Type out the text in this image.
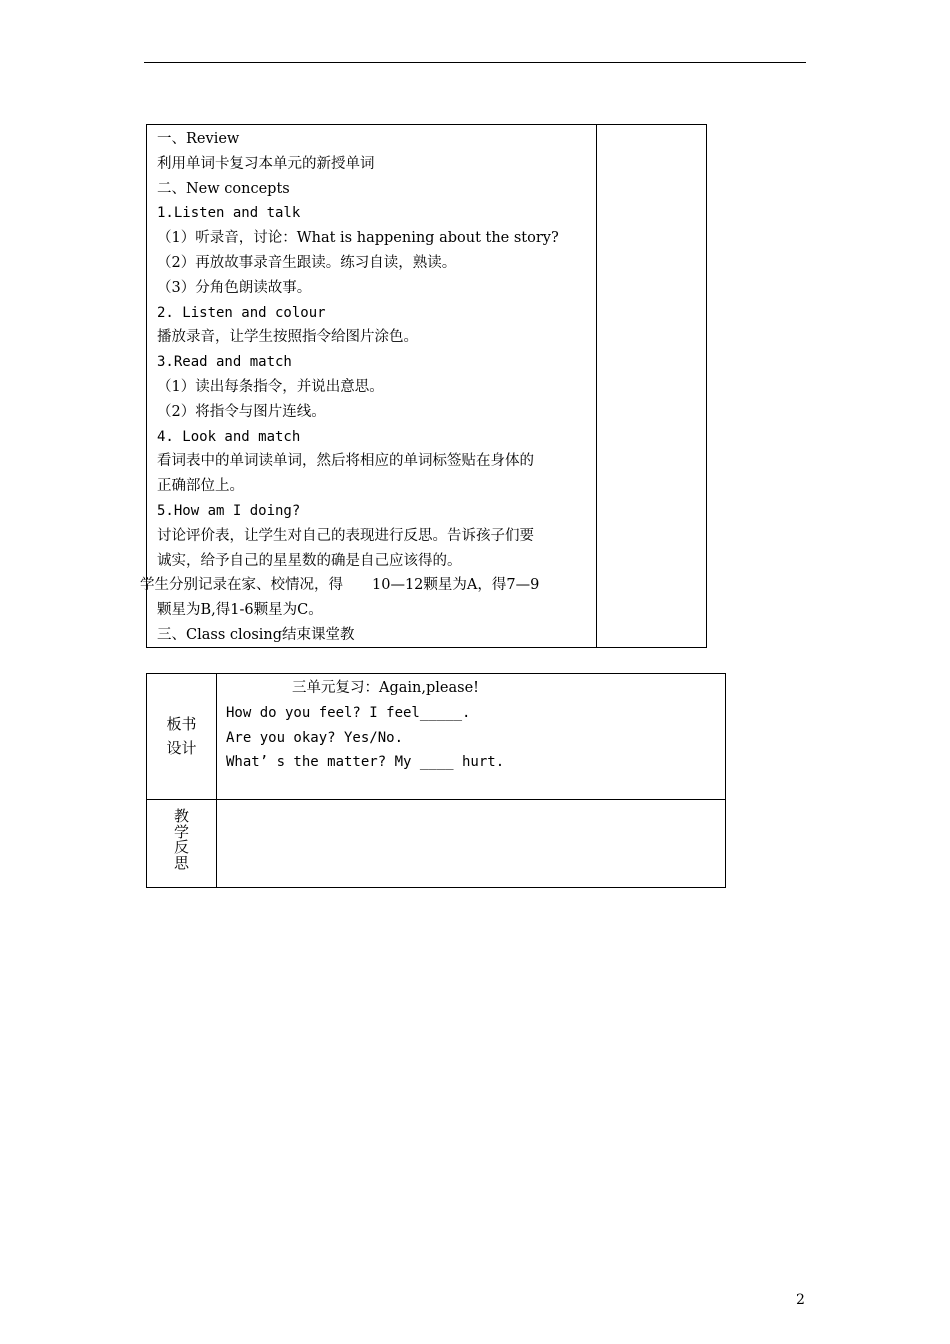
一、Review
利用单词卡复习本单元的新授单词
二、New concepts
1.Listen and talk
（1）听录音，讨论：What is happening about the story?
（2）再放故事录音生跟读。练习自读，熟读。
（3）分角色朗读故事。
2. Listen and colour
播放录音，让学生按照指令给图片涂色。
3.Read and match
（1）读出每条指令，并说出意思。
（2）将指令与图片连线。
4. Look and match
看词表中的单词读单词，然后将相应的单词标签贴在身体的
正确部位上。
5.How am I doing?
讨论评价表，让学生对自己的表现进行反思。告诉孩子们要
诚实，给予自己的星星数的确是自己应该得的。
学生分别记录在家、校情况，得　　10—12颗星为A，得7—9
颗星为B,得1-6颗星为C。
三、Class closing结束课堂教
板书设计
三单元复习：Again,please!
How do you feel? I feel_____.
Are you okay? Yes/No.
What’ s the matter? My ____ hurt.
教学反思
2
